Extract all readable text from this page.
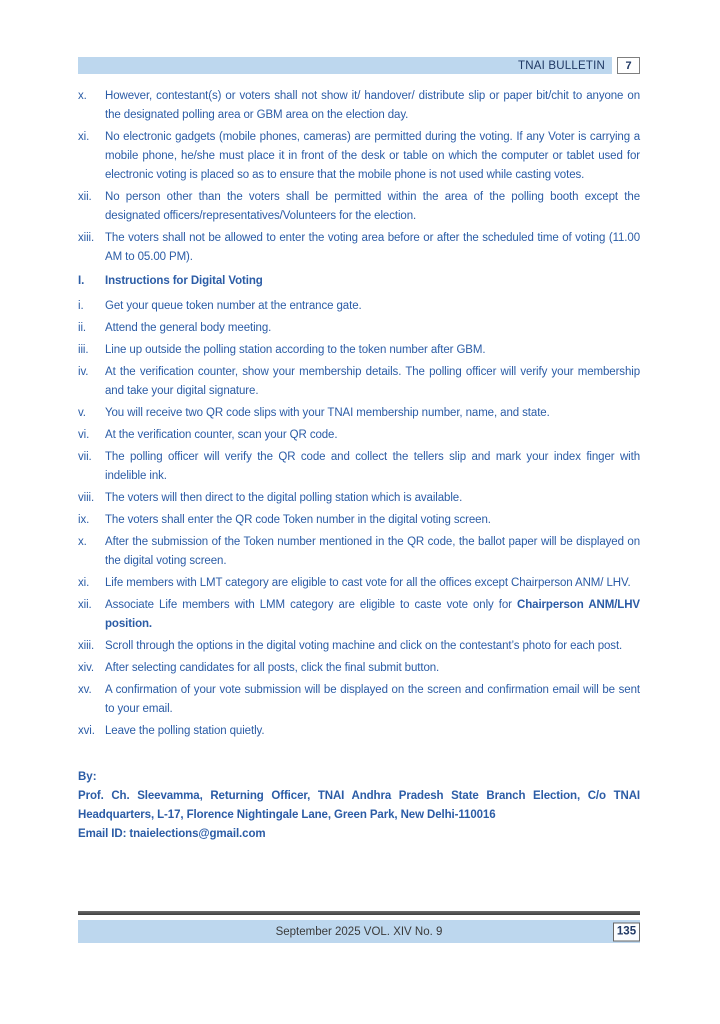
TNAI BULLETIN	7
x.	However, contestant(s) or voters shall not show it/ handover/ distribute slip or paper bit/chit to anyone on the designated polling area or GBM area on the election day.
xi.	No electronic gadgets (mobile phones, cameras) are permitted during the voting. If any Voter is carrying a mobile phone, he/she must place it in front of the desk or table on which the computer or tablet used for electronic voting is placed so as to ensure that the mobile phone is not used while casting votes.
xii.	No person other than the voters shall be permitted within the area of the polling booth except the designated officers/representatives/Volunteers for the election.
xiii. The voters shall not be allowed to enter the voting area before or after the scheduled time of voting (11.00 AM to 05.00 PM).
I.	Instructions for Digital Voting
i.	Get your queue token number at the entrance gate.
ii.	Attend the general body meeting.
iii.	Line up outside the polling station according to the token number after GBM.
iv.	At the verification counter, show your membership details. The polling officer will verify your membership and take your digital signature.
v.	You will receive two QR code slips with your TNAI membership number, name, and state.
vi.	At the verification counter, scan your QR code.
vii.	The polling officer will verify the QR code and collect the tellers slip and mark your index finger with indelible ink.
viii. The voters will then direct to the digital polling station which is available.
ix.	The voters shall enter the QR code Token number in the digital voting screen.
x.	After the submission of the Token number mentioned in the QR code, the ballot paper will be displayed on the digital voting screen.
xi.	Life members with LMT category are eligible to cast vote for all the offices except Chairperson ANM/ LHV.
xii.	Associate Life members with LMM category are eligible to caste vote only for Chairperson ANM/LHV position.
xiii. Scroll through the options in the digital voting machine and click on the contestant’s photo for each post.
xiv. After selecting candidates for all posts, click the final submit button.
xv.	A confirmation of your vote submission will be displayed on the screen and confirmation email will be sent to your email.
xvi. Leave the polling station quietly.
By:
Prof. Ch. Sleevamma, Returning Officer, TNAI Andhra Pradesh State Branch Election, C/o TNAI Headquarters, L-17, Florence Nightingale Lane, Green Park, New Delhi-110016
Email ID: tnaielections@gmail.com
September 2025 VOL. XIV No. 9	135
